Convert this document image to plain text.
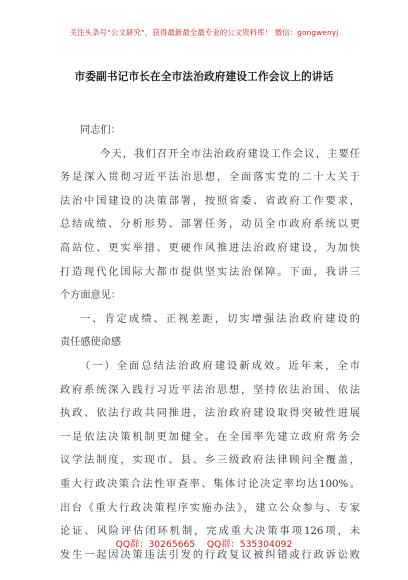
关注头条号“公文研究”，获得最新最全最专业的公文资料库！ 微信：gongwenyj
市委副书记市长在全市法治政府建设工作会议上的讲话
同志们：
今天，我们召开全市法治政府建设工作会议，主要任
务是深入贯彻习近平法治思想，全面落实党的二十大关于
法治中国建设的决策部署，按照省委、省政府工作要求，
总结成绩、分析形势、部署任务，动员全市政府系统以更
高站位、更实举措、更硬作风推进法治政府建设，为加快
打造现代化国际大都市提供坚实法治保障。下面，我讲三
个方面意见：
一、肯定成绩、正视差距，切实增强法治政府建设的
责任感使命感
（一）全面总结法治政府建设新成效。近年来，全市
政府系统深入践行习近平法治思想，坚持依法治国、依法
执政、依法行政共同推进，法治政府建设取得突破性进展
一是依法决策机制更加健全。在全国率先建立政府常务会
议学法制度，实现市、县、乡三级政府法律顾问全覆盖，
重大行政决策合法性审查率、集体讨论决定率均达100%。
出台《重大行政决策程序实施办法》，建立公众参与、专家
论证、风险评估闭环机制，完成重大决策事项126项，未
发生一起因决策违法引发的行政复议被纠错或行政诉讼败
QQ群：30265665    QQ群：535304092
